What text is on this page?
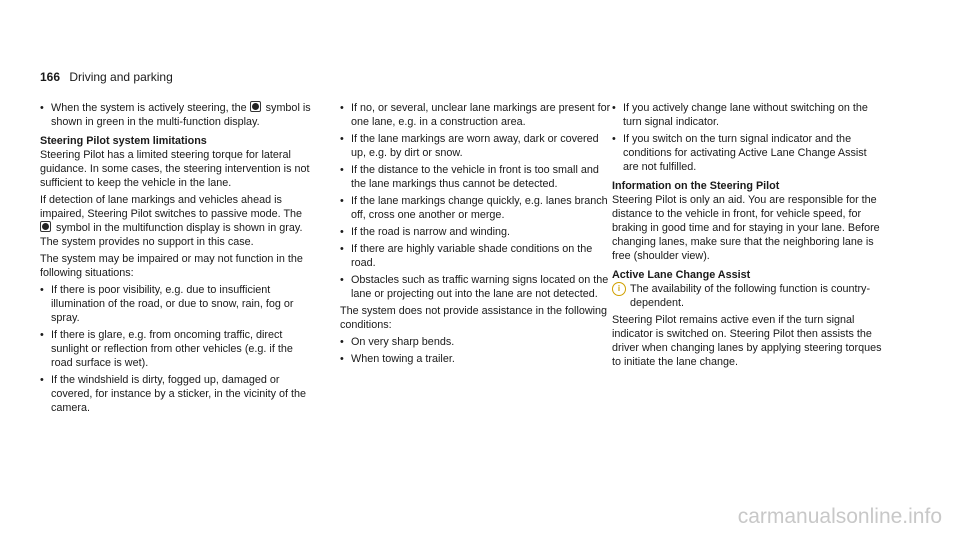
166 Driving and parking
• When the system is actively steering, the symbol is shown in green in the multi-function display.
Steering Pilot system limitations

Steering Pilot has a limited steering torque for lateral guidance. In some cases, the steering intervention is not sufficient to keep the vehicle in the lane.

If detection of lane markings and vehicles ahead is impaired, Steering Pilot switches to passive mode. The  symbol in the multifunction display is shown in gray. The system provides no support in this case.

The system may be impaired or may not function in the following situations:

• If there is poor visibility, e.g. due to insufficient illumination of the road, or due to snow, rain, fog or spray.
• If there is glare, e.g. from oncoming traffic, direct sunlight or reflection from other vehicles (e.g. if the road surface is wet).
• If the windshield is dirty, fogged up, damaged or covered, for instance by a sticker, in the vicinity of the camera.
• If no, or several, unclear lane markings are present for one lane, e.g. in a construction area.
• If the lane markings are worn away, dark or covered up, e.g. by dirt or snow.
• If the distance to the vehicle in front is too small and the lane markings thus cannot be detected.
• If the lane markings change quickly, e.g. lanes branch off, cross one another or merge.
• If the road is narrow and winding.
• If there are highly variable shade conditions on the road.
• Obstacles such as traffic warning signs located on the lane or projecting out into the lane are not detected.

The system does not provide assistance in the following conditions:

• On very sharp bends.
• When towing a trailer.
• If you actively change lane without switching on the turn signal indicator.
• If you switch on the turn signal indicator and the conditions for activating Active Lane Change Assist are not fulfilled.
Information on the Steering Pilot

Steering Pilot is only an aid. You are responsible for the distance to the vehicle in front, for vehicle speed, for braking in good time and for staying in your lane. Before changing lanes, make sure that the neighboring lane is free (shoulder view).

Active Lane Change Assist
i The availability of the following function is country-dependent.

Steering Pilot remains active even if the turn signal indicator is switched on. Steering Pilot then assists the driver when changing lanes by applying steering torques to initiate the lane change.

carmanualsonline.info
